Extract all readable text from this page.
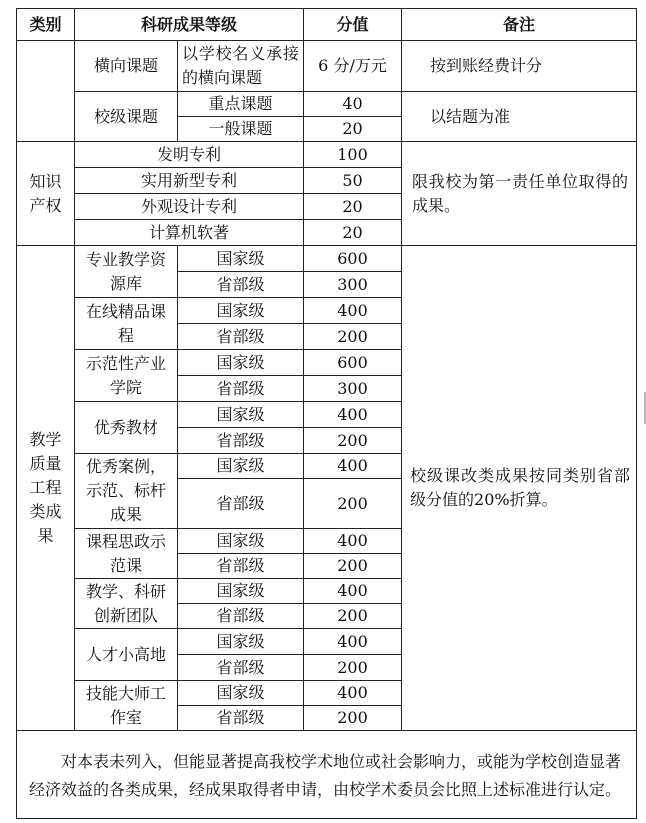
类别	科研成果等级		分值	备注
	横向课题	以学校名义承接的横向课题	6 分/万元	按到账经费计分
	校级课题	重点课题	40	以结题为准
		一般课题	20	
知识产权	发明专利		100	限我校为第一责任单位取得的成果。
	实用新型专利		50	
	外观设计专利		20	
	计算机软著		20	
教学质量工程类成果	专业教学资源库	国家级	600	校级课改类成果按同类别省部级分值的20%折算。
		省部级	300	
	在线精品课程	国家级	400	
		省部级	200	
	示范性产业学院	国家级	600	
		省部级	300	
	优秀教材	国家级	400	
		省部级	200	
	优秀案例，示范、标杆成果	国家级	400	
		省部级	200	
	课程思政示范课	国家级	400	
		省部级	200	
	教学、科研创新团队	国家级	400	
		省部级	200	
	人才小高地	国家级	400	
		省部级	200	
	技能大师工作室	国家级	400	
		省部级	200	
对本表未列入，但能显著提高我校学术地位或社会影响力，或能为学校创造显著经济效益的各类成果，经成果取得者申请，由校学术委员会比照上述标准进行认定。				
